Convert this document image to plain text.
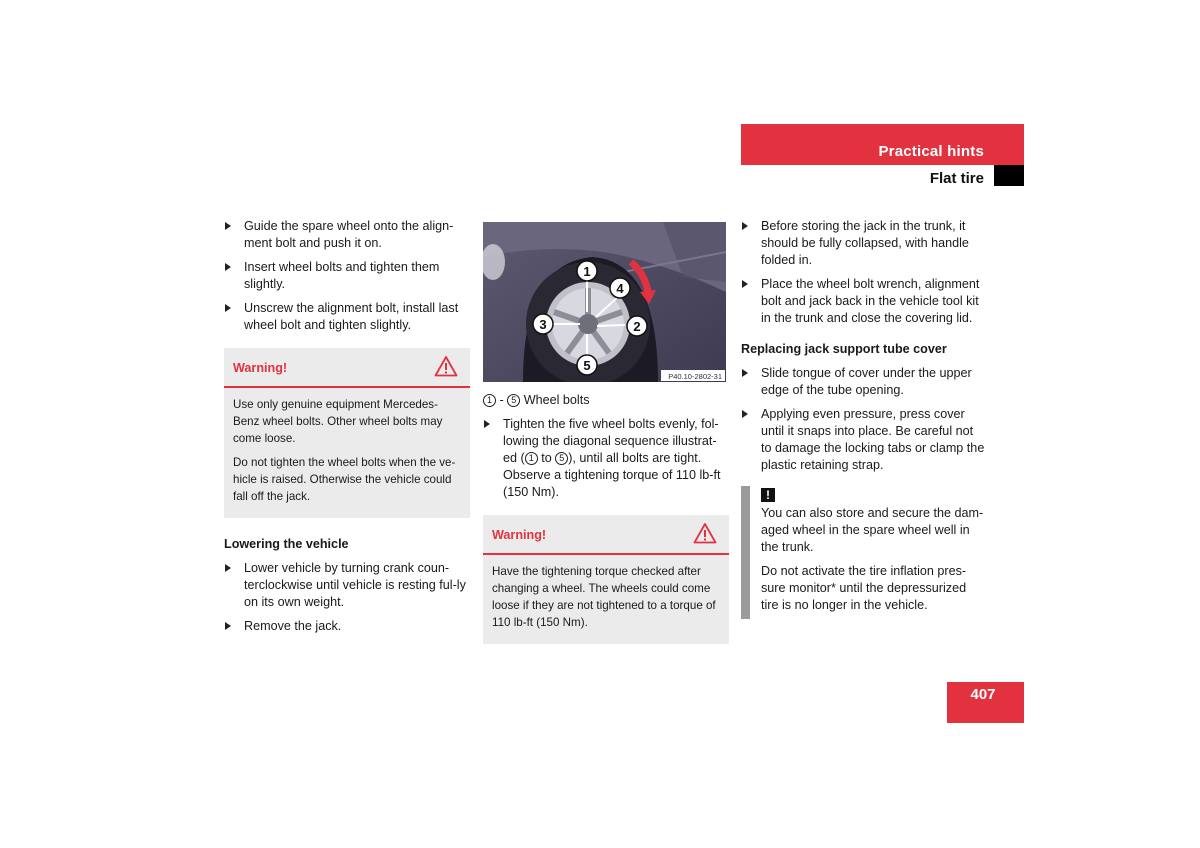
Practical hints
Flat tire
Guide the spare wheel onto the align-ment bolt and push it on.
Insert wheel bolts and tighten them slightly.
Unscrew the alignment bolt, install last wheel bolt and tighten slightly.
Warning!

Use only genuine equipment Mercedes-Benz wheel bolts. Other wheel bolts may come loose.

Do not tighten the wheel bolts when the ve-hicle is raised. Otherwise the vehicle could fall off the jack.

Lowering the vehicle
Lower vehicle by turning crank coun-terclockwise until vehicle is resting ful-ly on its own weight.
Remove the jack.
1
2
3
4
5
P40.10-2802-31
1 - 5 Wheel bolts
Tighten the five wheel bolts evenly, fol-lowing the diagonal sequence illustrat-ed ( 1 to 5 ), until all bolts are tight. Observe a tightening torque of 110 lb-ft (150 Nm).
Warning!

Have the tightening torque checked after changing a wheel. The wheels could come loose if they are not tightened to a torque of 110 lb-ft (150 Nm).

Before storing the jack in the trunk, it should be fully collapsed, with handle folded in.
Place the wheel bolt wrench, alignment bolt and jack back in the vehicle tool kit in the trunk and close the covering lid.
Replacing jack support tube cover
Slide tongue of cover under the upper edge of the tube opening.
Applying even pressure, press cover until it snaps into place. Be careful not to damage the locking tabs or clamp the plastic retaining strap.
!

You can also store and secure the dam-aged wheel in the spare wheel well in the trunk.

Do not activate the tire inflation pres-sure monitor* until the depressurized tire is no longer in the vehicle.

407
